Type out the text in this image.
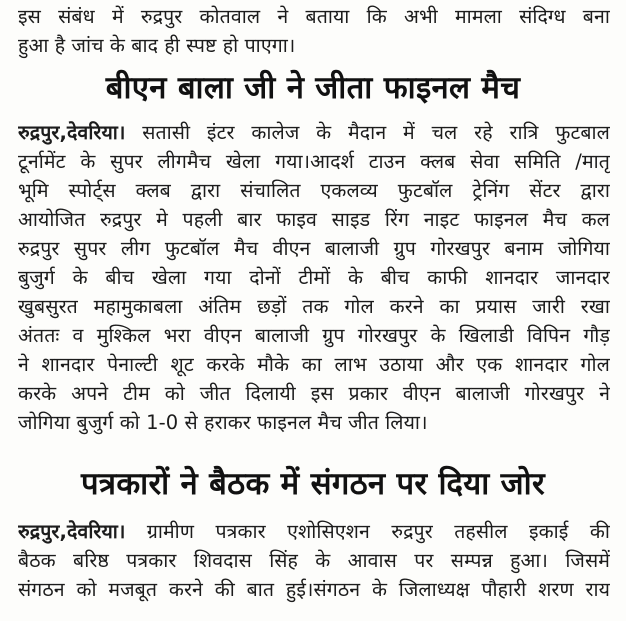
इस संबंध में रुद्रपुर कोतवाल ने बताया कि अभी मामला संदिग्ध बना
हुआ है जांच के बाद ही स्पष्ट हो पाएगा।
बीएन बाला जी ने जीता फाइनल मैच
रुद्रपुर,देवरिया। सतासी इंटर कालेज के मैदान में चल रहे रात्रि फुटबाल
टूर्नामेंट के सुपर लीगमैच खेला गया।आदर्श टाउन क्लब सेवा समिति /मातृ
भूमि स्पोर्ट्स क्लब द्वारा संचालित एकलव्य फुटबॉल ट्रेनिंग सेंटर द्वारा
आयोजित रुद्रपुर मे पहली बार फाइव साइड रिंग नाइट फाइनल मैच कल
रुद्रपुर सुपर लीग फुटबॉल मैच वीएन बालाजी ग्रुप गोरखपुर बनाम जोगिया
बुजुर्ग के बीच खेला गया दोनों टीमों के बीच काफी शानदार जानदार
खुबसुरत महामुकाबला अंतिम छड़ों तक गोल करने का प्रयास जारी रखा
अंततः व मुश्किल भरा वीएन बालाजी ग्रुप गोरखपुर के खिलाडी विपिन गौड़
ने शानदार पेनाल्टी शूट करके मौके का लाभ उठाया और एक शानदार गोल
करके अपने टीम को जीत दिलायी इस प्रकार वीएन बालाजी गोरखपुर ने
जोगिया बुजुर्ग को 1-0 से हराकर फाइनल मैच जीत लिया।
पत्रकारों ने बैठक में संगठन पर दिया जोर
रुद्रपुर,देवरिया। ग्रामीण पत्रकार एशोसिएशन रुद्रपुर तहसील इकाई की
बैठक बरिष्ठ पत्रकार शिवदास सिंह के आवास पर सम्पन्न हुआ। जिसमें
संगठन को मजबूत करने की बात हुई।संगठन के जिलाध्यक्ष पौहारी शरण राय
